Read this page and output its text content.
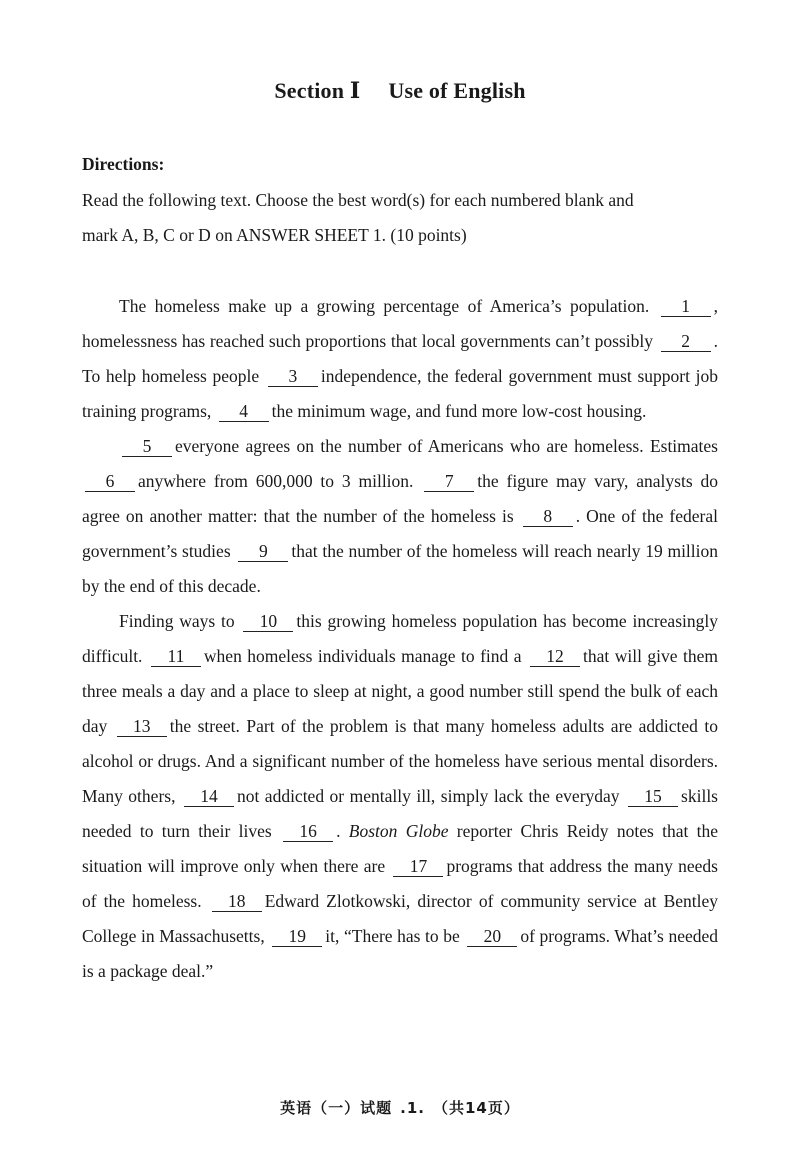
Section Ⅰ Use of English
Directions:
Read the following text. Choose the best word(s) for each numbered blank and
mark A, B, C or D on ANSWER SHEET 1. (10 points)

The homeless make up a growing percentage of America’s population. 1 , homelessness has reached such proportions that local governments can’t possibly 2 . To help homeless people 3 independence, the federal government must support job training programs, 4 the minimum wage, and fund more low-cost housing.

5 everyone agrees on the number of Americans who are homeless. Estimates 6 anywhere from 600,000 to 3 million. 7 the figure may vary, analysts do agree on another matter: that the number of the homeless is 8 . One of the federal government’s studies 9 that the number of the homeless will reach nearly 19 million by the end of this decade.

Finding ways to 10 this growing homeless population has become increasingly difficult. 11 when homeless individuals manage to find a 12 that will give them three meals a day and a place to sleep at night, a good number still spend the bulk of each day 13 the street. Part of the problem is that many homeless adults are addicted to alcohol or drugs. And a significant number of the homeless have serious mental disorders. Many others, 14 not addicted or mentally ill, simply lack the everyday 15 skills needed to turn their lives 16 . Boston Globe reporter Chris Reidy notes that the situation will improve only when there are 17 programs that address the many needs of the homeless. 18 Edward Zlotkowski, director of community service at Bentley College in Massachusetts, 19 it, “There has to be 20 of programs. What’s needed is a package deal.”

英语（一）试题 .1. （共14页）
